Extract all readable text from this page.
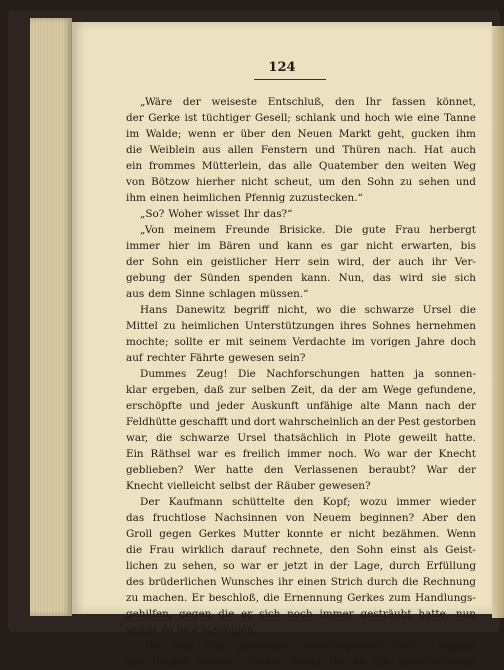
124
„Wäre der weiseste Entschluß, den Ihr fassen könnet,
der Gerke ist tüchtiger Gesell; schlank und hoch wie eine Tanne
im Walde; wenn er über den Neuen Markt geht, gucken ihm
die Weiblein aus allen Fenstern und Thüren nach. Hat auch
ein frommes Mütterlein, das alle Quatember den weiten Weg
von Bötzow hierher nicht scheut, um den Sohn zu sehen und
ihm einen heimlichen Pfennig zuzustecken.“
„So? Woher wisset Ihr das?“
„Von meinem Freunde Brisicke. Die gute Frau herbergt
immer hier im Bären und kann es gar nicht erwarten, bis
der Sohn ein geistlicher Herr sein wird, der auch ihr Ver-
gebung der Sünden spenden kann. Nun, das wird sie sich
aus dem Sinne schlagen müssen.“
Hans Danewitz begriff nicht, wo die schwarze Ursel die
Mittel zu heimlichen Unterstützungen ihres Sohnes hernehmen
mochte; sollte er mit seinem Verdachte im vorigen Jahre doch
auf rechter Fährte gewesen sein?
Dummes Zeug! Die Nachforschungen hatten ja sonnen-
klar ergeben, daß zur selben Zeit, da der am Wege gefundene,
erschöpfte und jeder Auskunft unfähige alte Mann nach der
Feldhütte geschafft und dort wahrscheinlich an der Pest gestorben
war, die schwarze Ursel thatsächlich in Plote geweilt hatte.
Ein Räthsel war es freilich immer noch. Wo war der Knecht
geblieben? Wer hatte den Verlassenen beraubt? War der
Knecht vielleicht selbst der Räuber gewesen?
Der Kaufmann schüttelte den Kopf; wozu immer wieder
das fruchtlose Nachsinnen von Neuem beginnen? Aber den
Groll gegen Gerkes Mutter konnte er nicht bezähmen. Wenn
die Frau wirklich darauf rechnete, den Sohn einst als Geist-
lichen zu sehen, so war er jetzt in der Lage, durch Erfüllung
des brüderlichen Wunsches ihr einen Strich durch die Rechnung
zu machen. Er beschloß, die Ernennung Gerkes zum Handlungs-
gehilfen, gegen die er sich noch immer gesträubt hatte, nun
selbst zu beschleunigen.
„Ihr seid still geworden, hochmögender Herr,“ begann
der Bäcker wieder. „Sicher denkt Ihr an die bevorstehende
